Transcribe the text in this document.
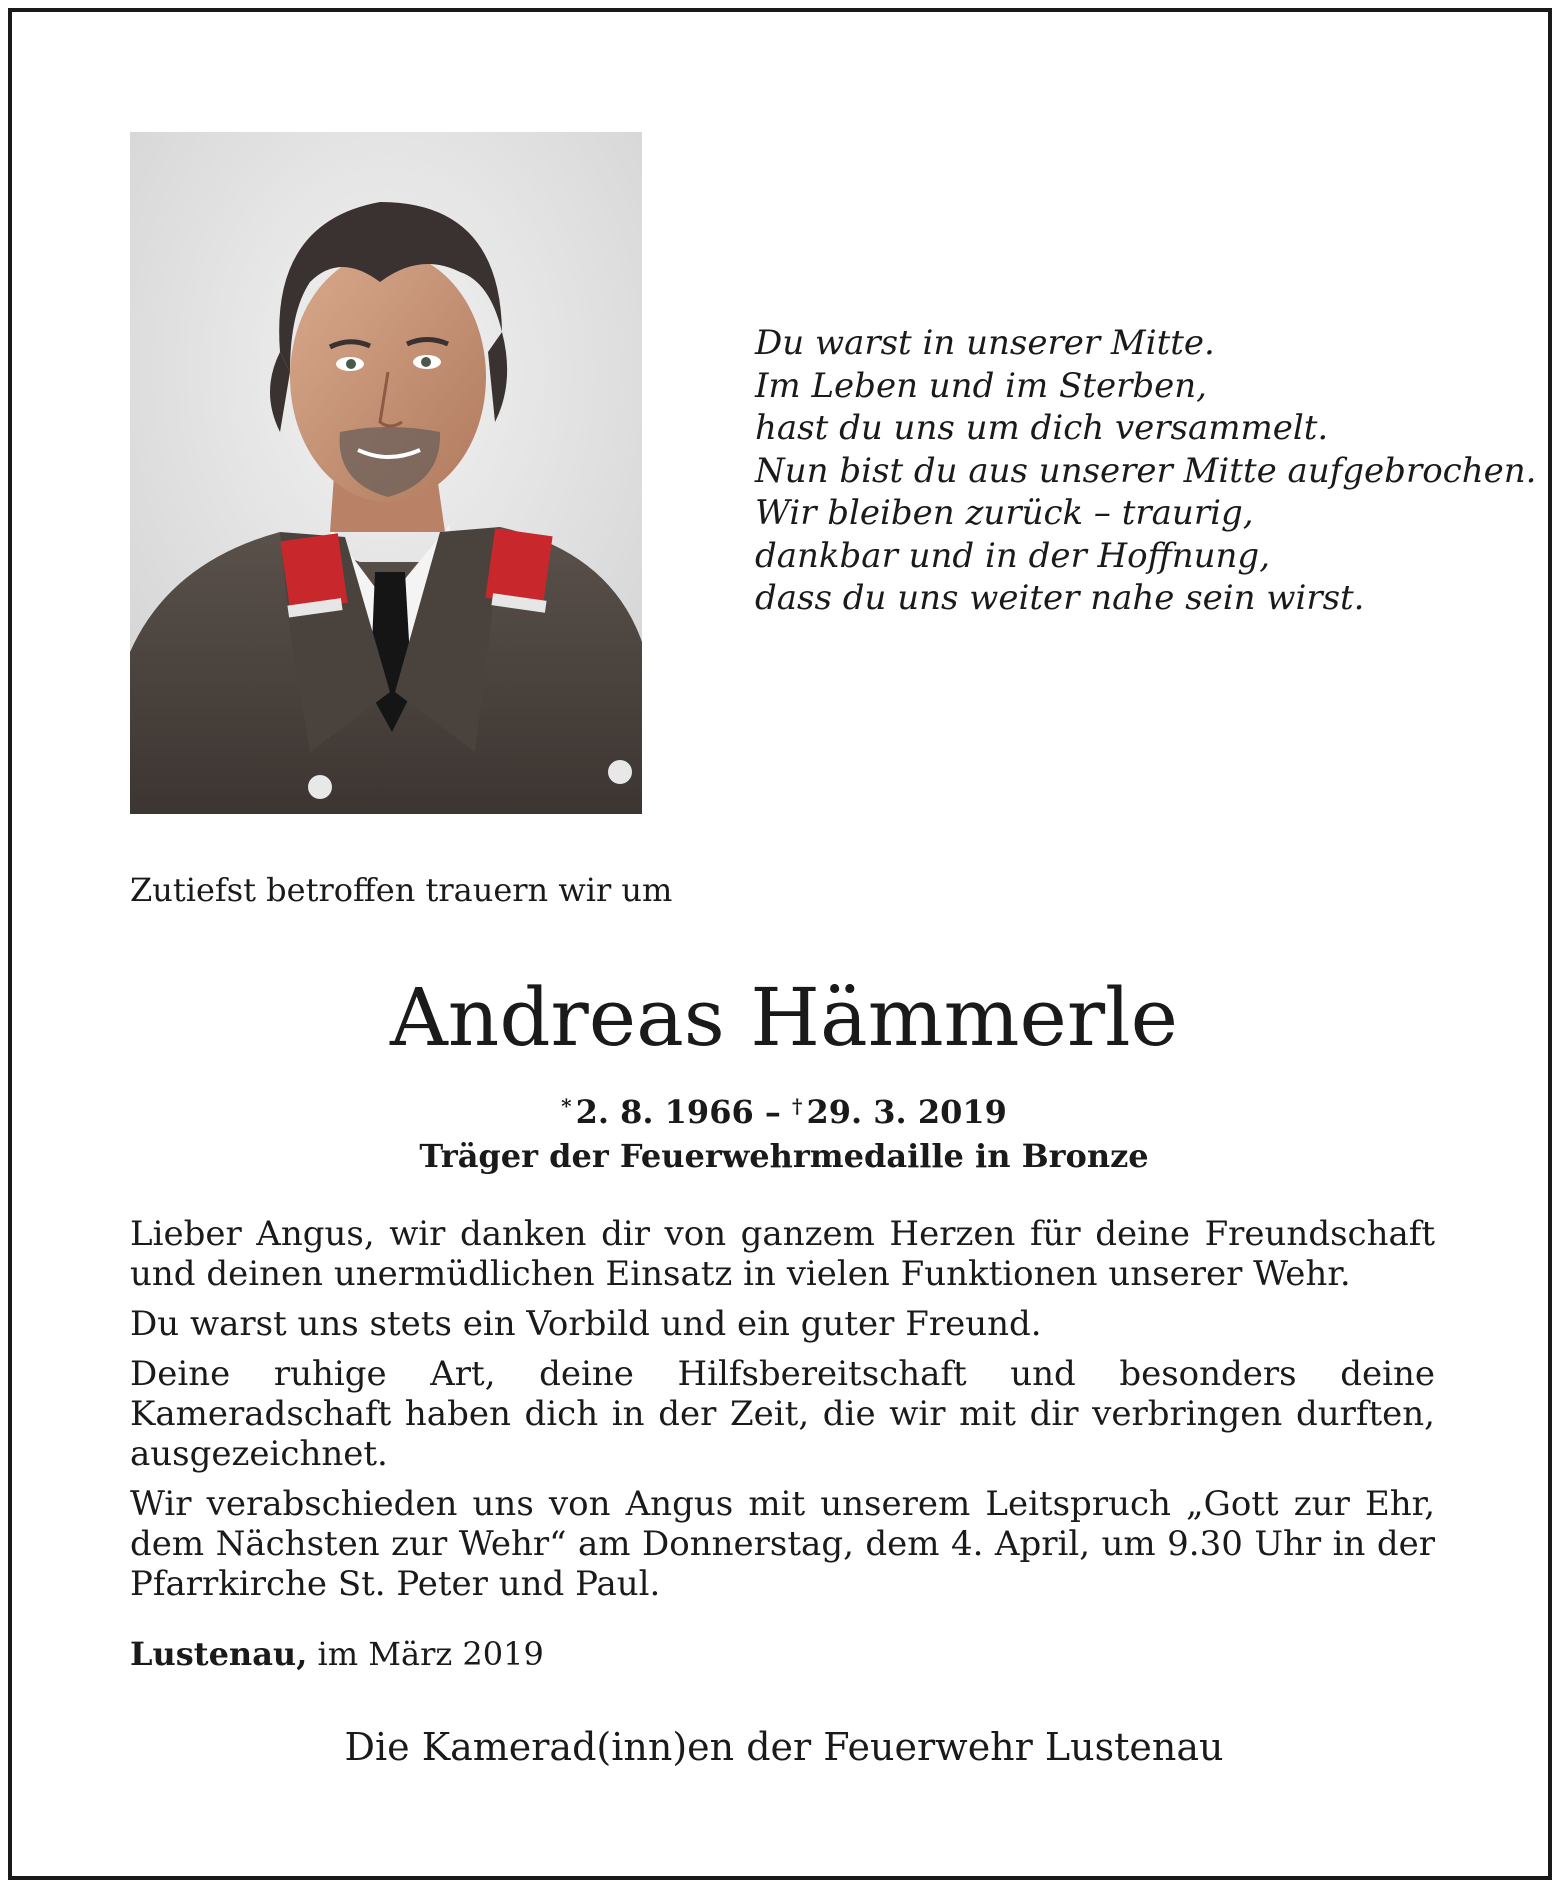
Du warst in unserer Mitte.
Im Leben und im Sterben,
hast du uns um dich versammelt.
Nun bist du aus unserer Mitte aufgebrochen.
Wir bleiben zurück – traurig,
dankbar und in der Hoffnung,
dass du uns weiter nahe sein wirst.
Zutiefst betroffen trauern wir um
Andreas Hämmerle
* 2. 8. 1966 – † 29. 3. 2019
Träger der Feuerwehrmedaille in Bronze

Lieber Angus, wir danken dir von ganzem Herzen für deine Freundschaft und deinen unermüdlichen Einsatz in vielen Funktionen unserer Wehr.

Du warst uns stets ein Vorbild und ein guter Freund.

Deine ruhige Art, deine Hilfsbereitschaft und besonders deine Kameradschaft haben dich in der Zeit, die wir mit dir verbringen durften, ausgezeichnet.

Wir verabschieden uns von Angus mit unserem Leitspruch „Gott zur Ehr, dem Nächsten zur Wehr“ am Donnerstag, dem 4. April, um 9.30 Uhr in der Pfarrkirche St. Peter und Paul.

Lustenau, im März 2019
Die Kamerad(inn)en der Feuerwehr Lustenau
